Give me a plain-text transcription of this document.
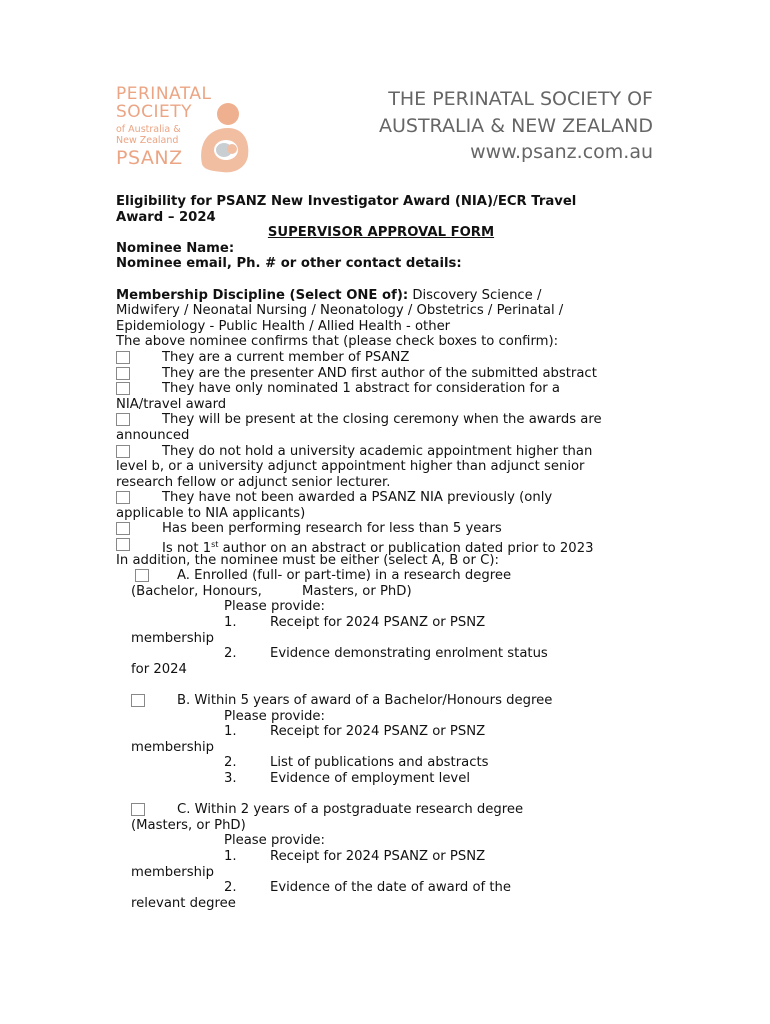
PERINATAL
SOCIETY
of Australia &
New Zealand
PSANZ
THE PERINATAL SOCIETY OF
AUSTRALIA & NEW ZEALAND
www.psanz.com.au
Eligibility for PSANZ New Investigator Award (NIA)/ECR Travel
Award – 2024
SUPERVISOR APPROVAL FORM
Nominee Name:
Nominee email, Ph. # or other contact details:
Membership Discipline (Select ONE of): Discovery Science /
Midwifery / Neonatal Nursing / Neonatology / Obstetrics / Perinatal /
Epidemiology - Public Health / Allied Health - other
The above nominee confirms that (please check boxes to confirm):
They are a current member of PSANZ
They are the presenter AND first author of the submitted abstract
They have only nominated 1 abstract for consideration for a
NIA/travel award
They will be present at the closing ceremony when the awards are
announced
They do not hold a university academic appointment higher than
level b, or a university adjunct appointment higher than adjunct senior
research fellow or adjunct senior lecturer.
They have not been awarded a PSANZ NIA previously (only
applicable to NIA applicants)
Has been performing research for less than 5 years
Is not 1st author on an abstract or publication dated prior to 2023
In addition, the nominee must be either (select A, B or C):
A. Enrolled (full- or part-time) in a research degree
(Bachelor, Honours,	Masters, or PhD)
Please provide:
1.	Receipt for 2024 PSANZ or PSNZ
membership
2.	Evidence demonstrating enrolment status
for 2024
B. Within 5 years of award of a Bachelor/Honours degree
Please provide:
1.	Receipt for 2024 PSANZ or PSNZ
membership
2.	List of publications and abstracts
3.	Evidence of employment level
C. Within 2 years of a postgraduate research degree
(Masters, or PhD)
Please provide:
1.	Receipt for 2024 PSANZ or PSNZ
membership
2.	Evidence of the date of award of the
relevant degree
